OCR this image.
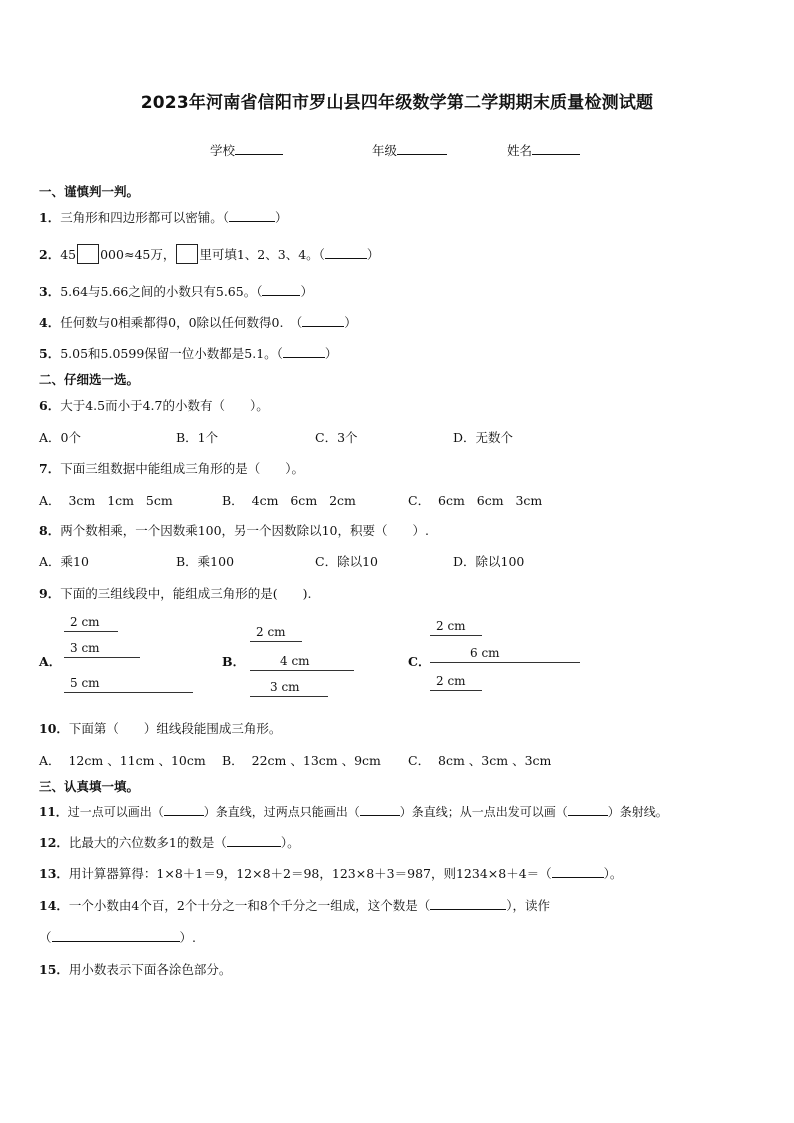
2023年河南省信阳市罗山县四年级数学第二学期期末质量检测试题
学校	年级	姓名
一、谨慎判一判。
1．三角形和四边形都可以密铺。（	）
2．45 000≈45万， 里可填1、2、3、4。（	）
3．5.64与5.66之间的小数只有5.65。（	）
4．任何数与0相乘都得0，0除以任何数得0.　（	）
5．5.05和5.0599保留一位小数都是5.1。（	）
二、仔细选一选。
6．大于4.5而小于4.7的小数有（　　）。
A．0个	B．1个	C．3个	D．无数个
7．下面三组数据中能组成三角形的是（　　）。
A．  3cm   1cm   5cm	B．  4cm   6cm   2cm	C．  6cm   6cm   3cm
8．两个数相乘，一个因数乘100，另一个因数除以10，积要（　　）.
A．乘10	B．乘100	C．除以10	D．除以100
9．下面的三组线段中，能组成三角形的是(　　).
A．
2 cm
3 cm
5 cm
B．
2 cm
4 cm
3 cm
C．
2 cm
6 cm
2 cm
10．下面第（　　）组线段能围成三角形。
A．  12cm 、11cm 、10cm B．  22cm 、13cm 、9cm C．  8cm 、3cm 、3cm
三、认真填一填。
11．过一点可以画出（	）条直线，过两点只能画出（	）条直线；从一点出发可以画（	）条射线。
12．比最大的六位数多1的数是（	）。
13．用计算器算得：1×8＋1＝9，12×8＋2＝98，123×8＋3＝987，则1234×8＋4＝（	）。
14．一个小数由4个百，2个十分之一和8个千分之一组成，这个数是（	），读作
（	）.
15．用小数表示下面各涂色部分。
